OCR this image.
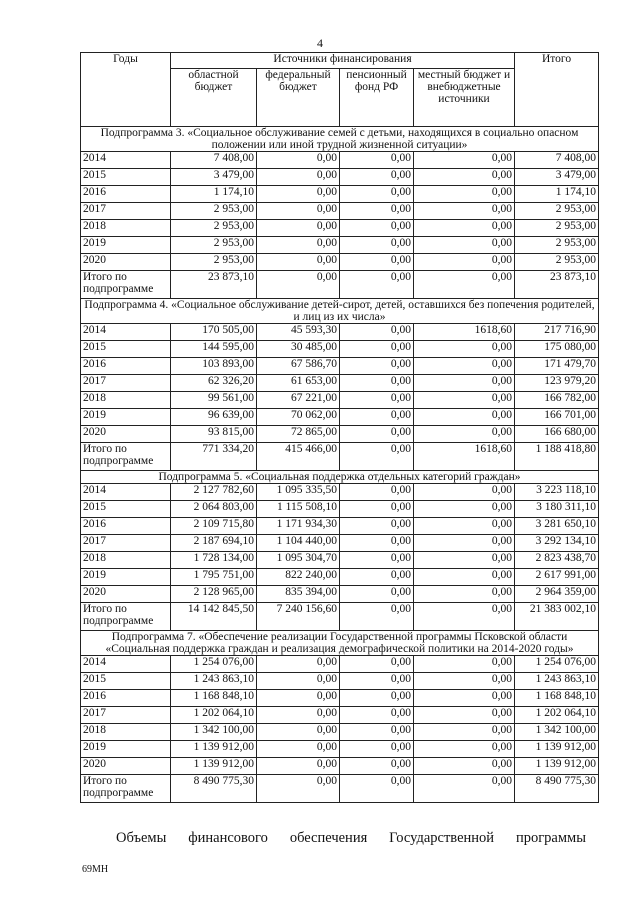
4
Годы	Источники финансирования				Итого
	областной бюджет	федеральный бюджет	пенсионный фонд РФ	местный бюджет и внебюджетные источники	
Подпрограмма 3. «Социальное обслуживание семей с детьми, находящихся в социально опасном положении или иной трудной жизненной ситуации»					
2014	7 408,00	0,00	0,00	0,00	7 408,00
2015	3 479,00	0,00	0,00	0,00	3 479,00
2016	1 174,10	0,00	0,00	0,00	1 174,10
2017	2 953,00	0,00	0,00	0,00	2 953,00
2018	2 953,00	0,00	0,00	0,00	2 953,00
2019	2 953,00	0,00	0,00	0,00	2 953,00
2020	2 953,00	0,00	0,00	0,00	2 953,00
Итого по подпрограмме	23 873,10	0,00	0,00	0,00	23 873,10
Подпрограмма 4. «Социальное обслуживание детей-сирот, детей, оставшихся без попечения родителей, и лиц из их числа»					
2014	170 505,00	45 593,30	0,00	1618,60	217 716,90
2015	144 595,00	30 485,00	0,00	0,00	175 080,00
2016	103 893,00	67 586,70	0,00	0,00	171 479,70
2017	62 326,20	61 653,00	0,00	0,00	123 979,20
2018	99 561,00	67 221,00	0,00	0,00	166 782,00
2019	96 639,00	70 062,00	0,00	0,00	166 701,00
2020	93 815,00	72 865,00	0,00	0,00	166 680,00
Итого по подпрограмме	771 334,20	415 466,00	0,00	1618,60	1 188 418,80
Подпрограмма 5. «Социальная поддержка отдельных категорий граждан»					
2014	2 127 782,60	1 095 335,50	0,00	0,00	3 223 118,10
2015	2 064 803,00	1 115 508,10	0,00	0,00	3 180 311,10
2016	2 109 715,80	1 171 934,30	0,00	0,00	3 281 650,10
2017	2 187 694,10	1 104 440,00	0,00	0,00	3 292 134,10
2018	1 728 134,00	1 095 304,70	0,00	0,00	2 823 438,70
2019	1 795 751,00	822 240,00	0,00	0,00	2 617 991,00
2020	2 128 965,00	835 394,00	0,00	0,00	2 964 359,00
Итого по подпрограмме	14 142 845,50	7 240 156,60	0,00	0,00	21 383 002,10
Подпрограмма 7. «Обеспечение реализации Государственной программы Псковской области «Социальная поддержка граждан и реализация демографической политики на 2014-2020 годы»					
2014	1 254 076,00	0,00	0,00	0,00	1 254 076,00
2015	1 243 863,10	0,00	0,00	0,00	1 243 863,10
2016	1 168 848,10	0,00	0,00	0,00	1 168 848,10
2017	1 202 064,10	0,00	0,00	0,00	1 202 064,10
2018	1 342 100,00	0,00	0,00	0,00	1 342 100,00
2019	1 139 912,00	0,00	0,00	0,00	1 139 912,00
2020	1 139 912,00	0,00	0,00	0,00	1 139 912,00
Итого по подпрограмме	8 490 775,30	0,00	0,00	0,00	8 490 775,30
Объемы финансового обеспечения Государственной программы
69МН
